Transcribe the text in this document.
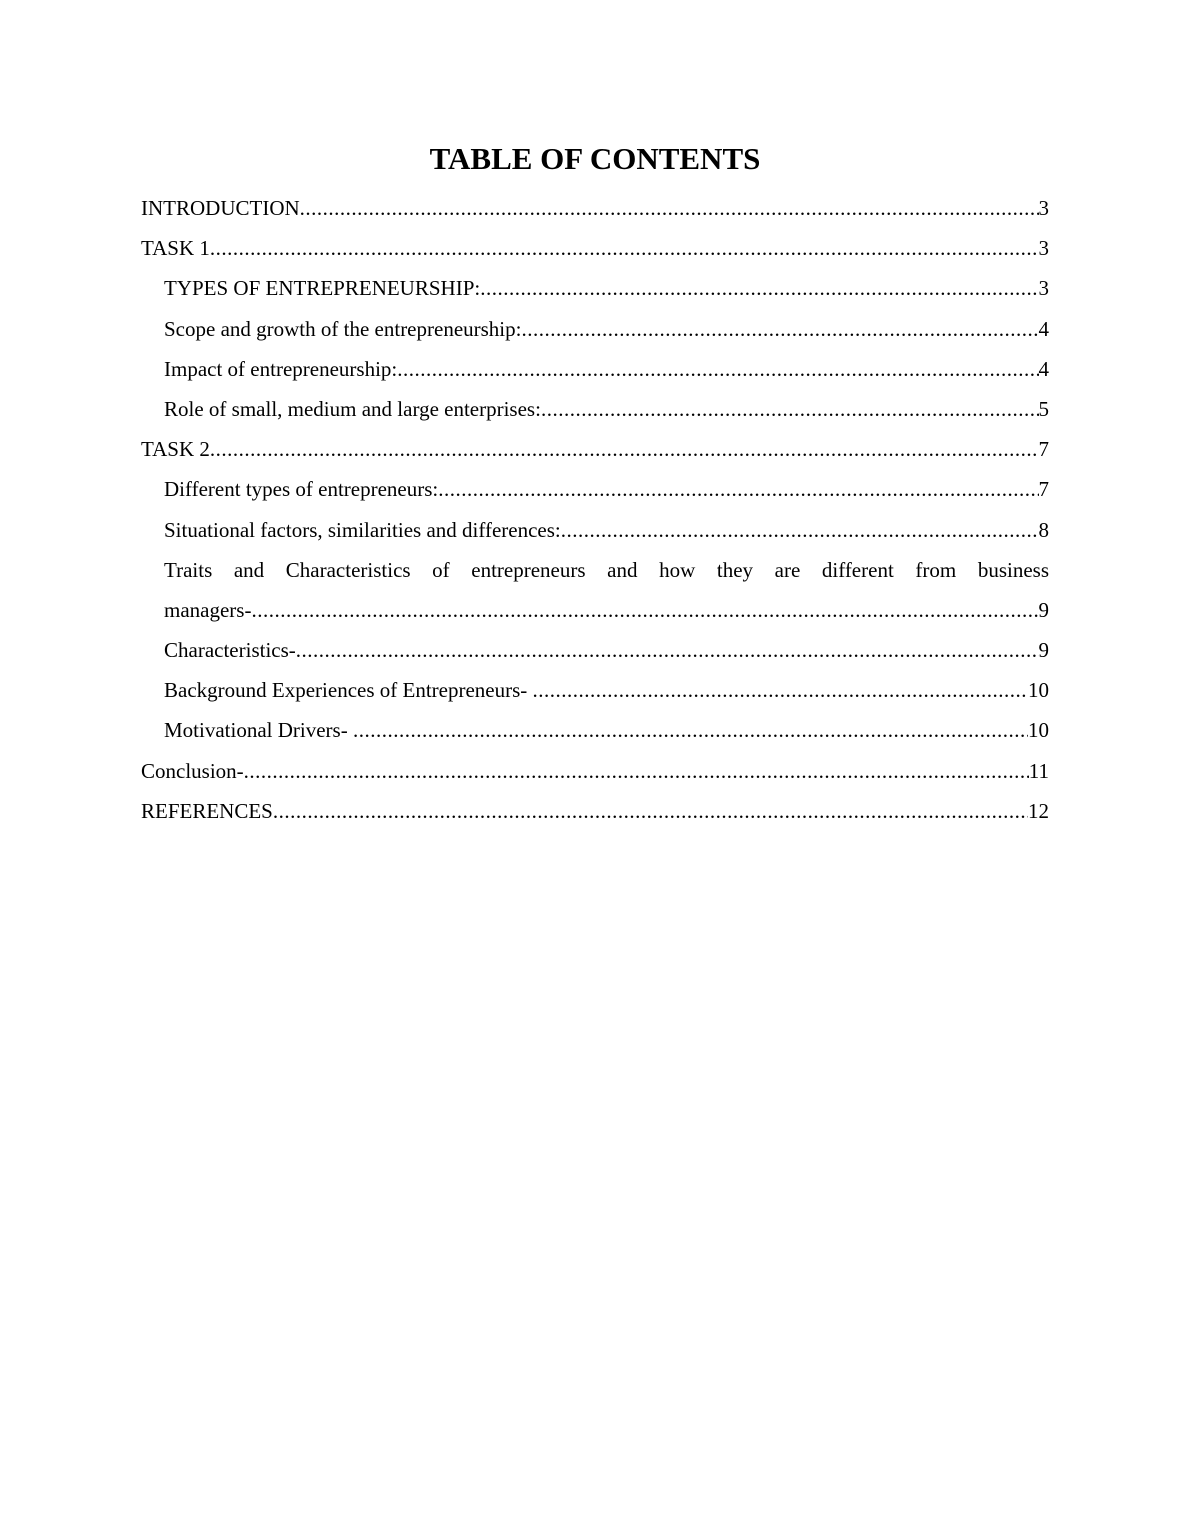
TABLE OF CONTENTS
INTRODUCTION .....	3
TASK 1 .....	3
TYPES OF ENTREPRENEURSHIP: .....	3
Scope and growth of the entrepreneurship: .....	4
Impact of entrepreneurship: .....	4
Role of small, medium and large enterprises: .....	5
TASK 2 .....	7
Different types of entrepreneurs: .....	7
Situational factors, similarities and differences: .....	8
Traits and Characteristics of entrepreneurs and how they are different from business
managers- .....	9
Characteristics- .....	9
Background Experiences of Entrepreneurs- .....	10
Motivational Drivers- .....	10
Conclusion- .....	11
REFERENCES .....	12
